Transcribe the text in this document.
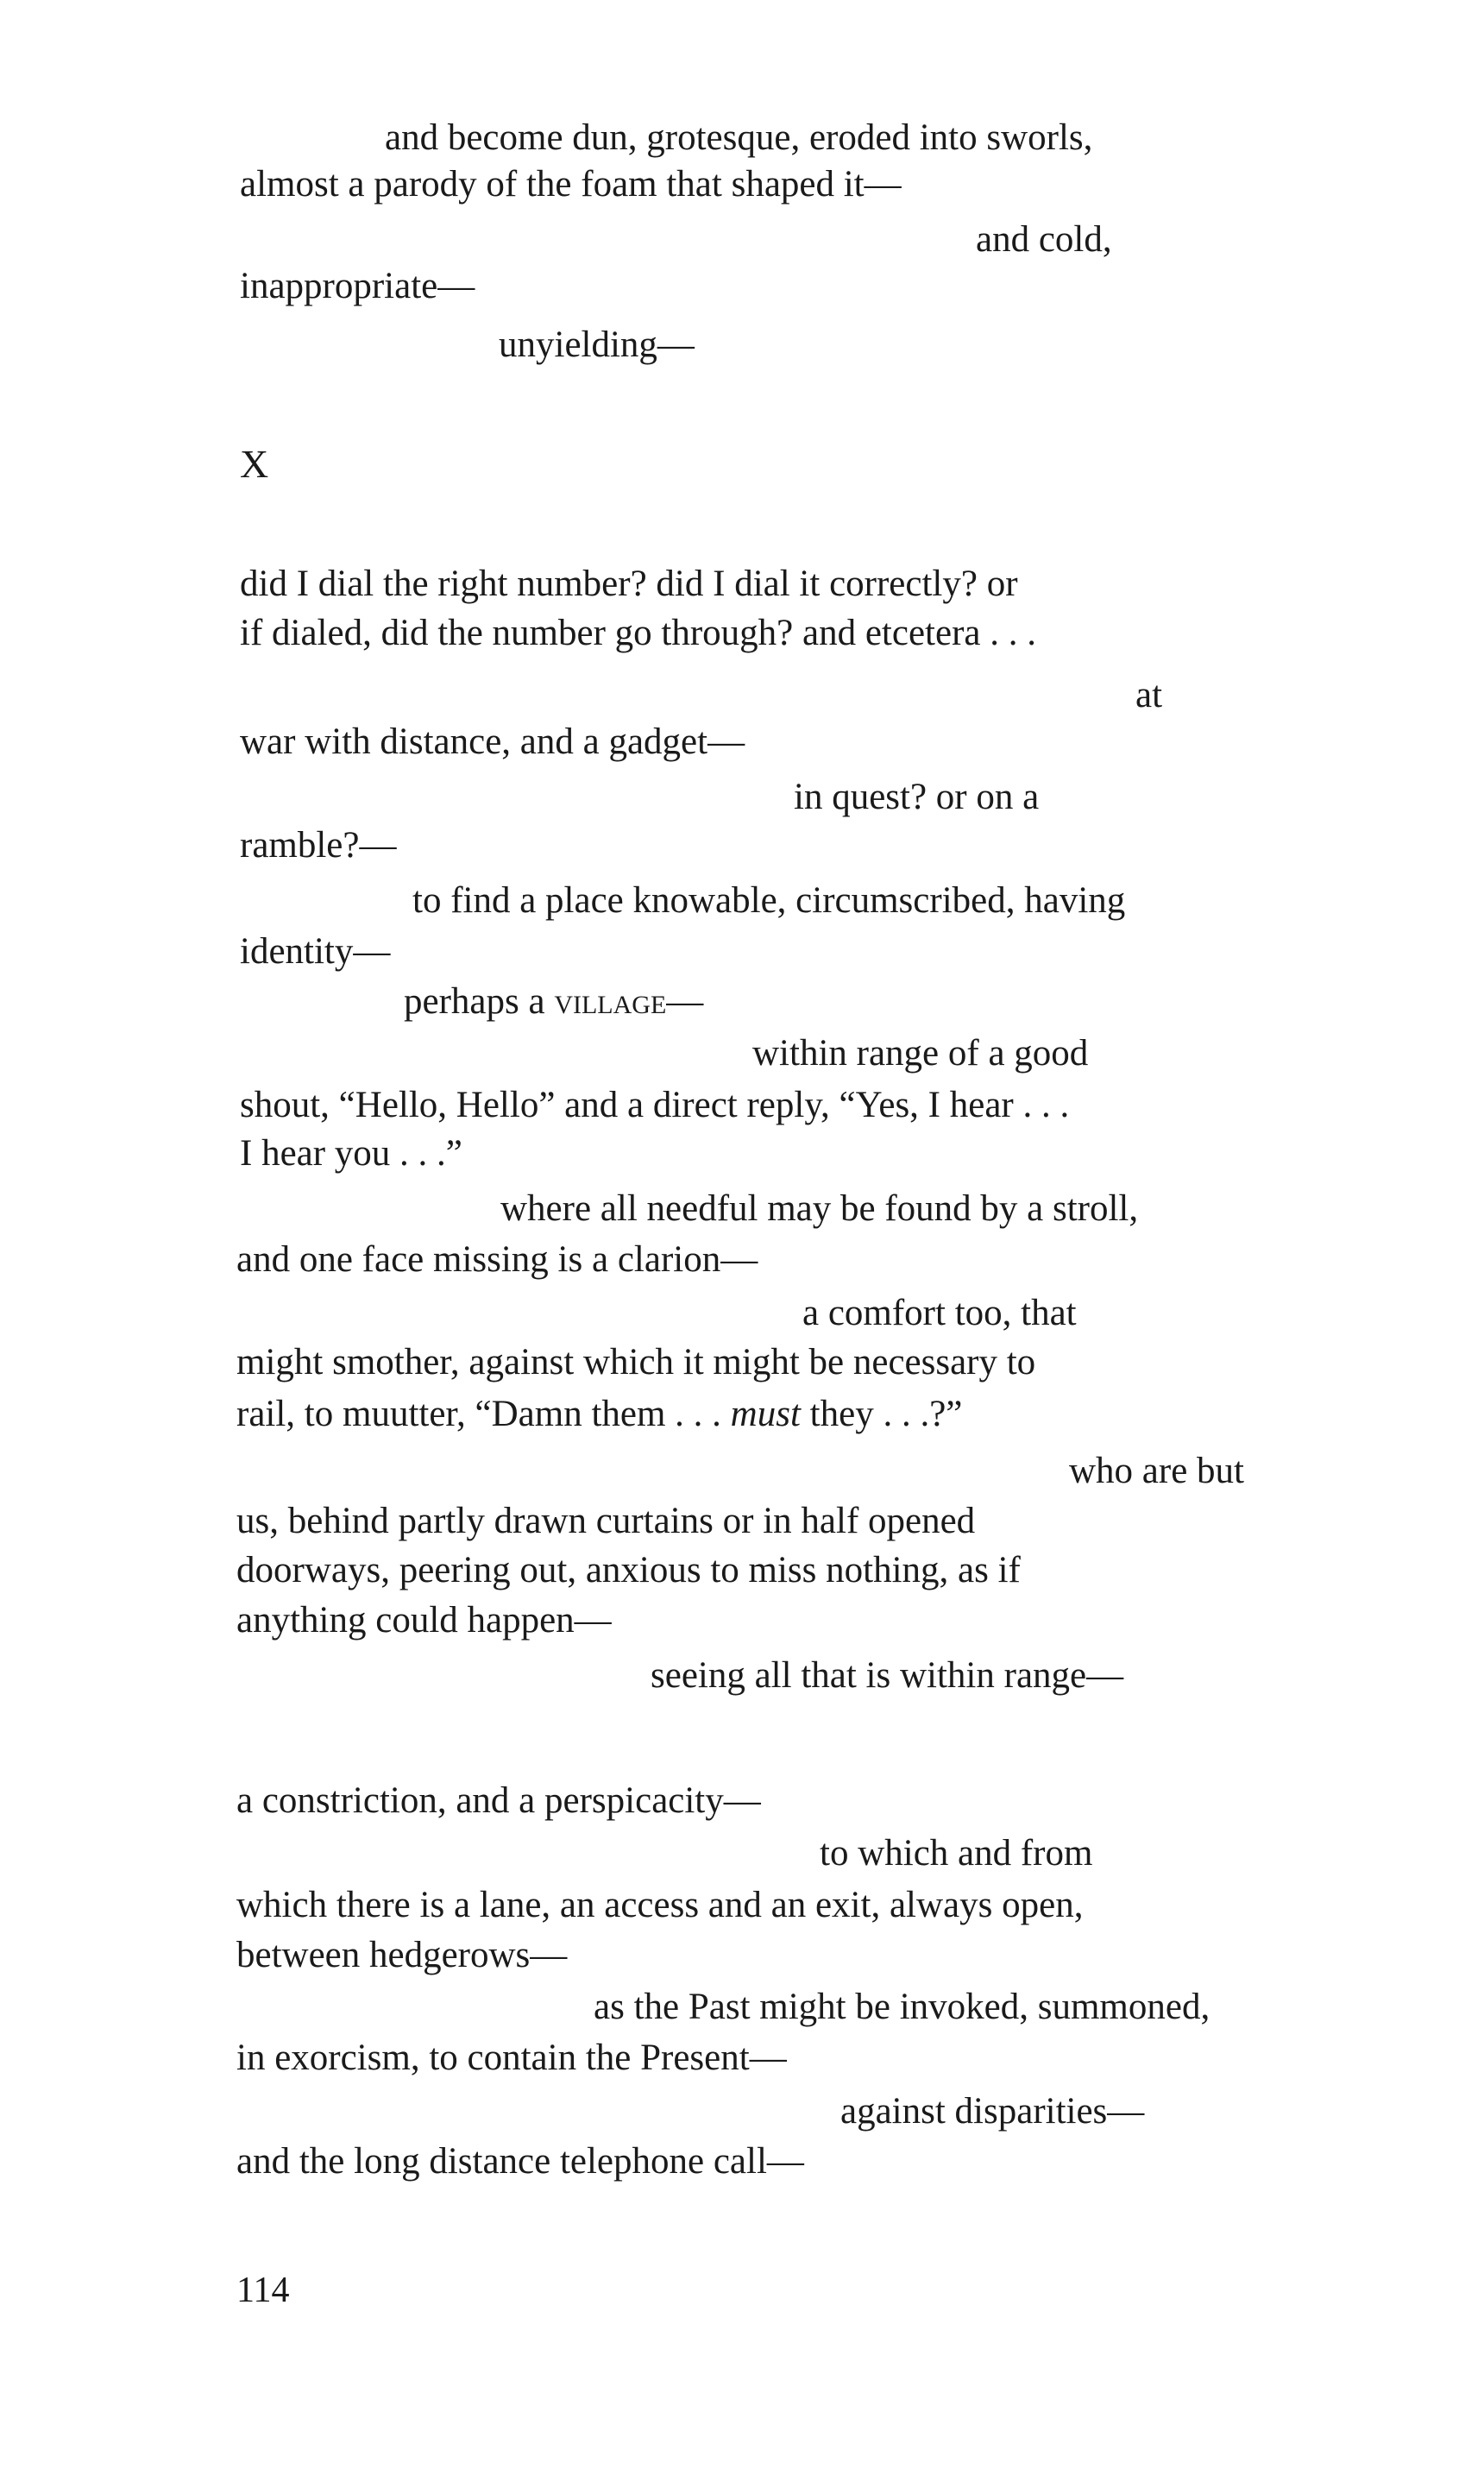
and become dun, grotesque, eroded into sworls,
almost a parody of the foam that shaped it—
and cold,
inappropriate—
unyielding—
X
did I dial the right number? did I dial it correctly? or
if dialed, did the number go through? and etcetera . . .
at
war with distance, and a gadget—
in quest? or on a
ramble?—
to find a place knowable, circumscribed, having
identity—
perhaps a village—
within range of a good
shout, “Hello, Hello” and a direct reply, “Yes, I hear . . .
I hear you . . .”
where all needful may be found by a stroll,
and one face missing is a clarion—
a comfort too, that
might smother, against which it might be necessary to
rail, to muutter, “Damn them . . . must they . . .?”
who are but
us, behind partly drawn curtains or in half opened
doorways, peering out, anxious to miss nothing, as if
anything could happen—
seeing all that is within range—
a constriction, and a perspicacity—
to which and from
which there is a lane, an access and an exit, always open,
between hedgerows—
as the Past might be invoked, summoned,
in exorcism, to contain the Present—
against disparities—
and the long distance telephone call—
114
